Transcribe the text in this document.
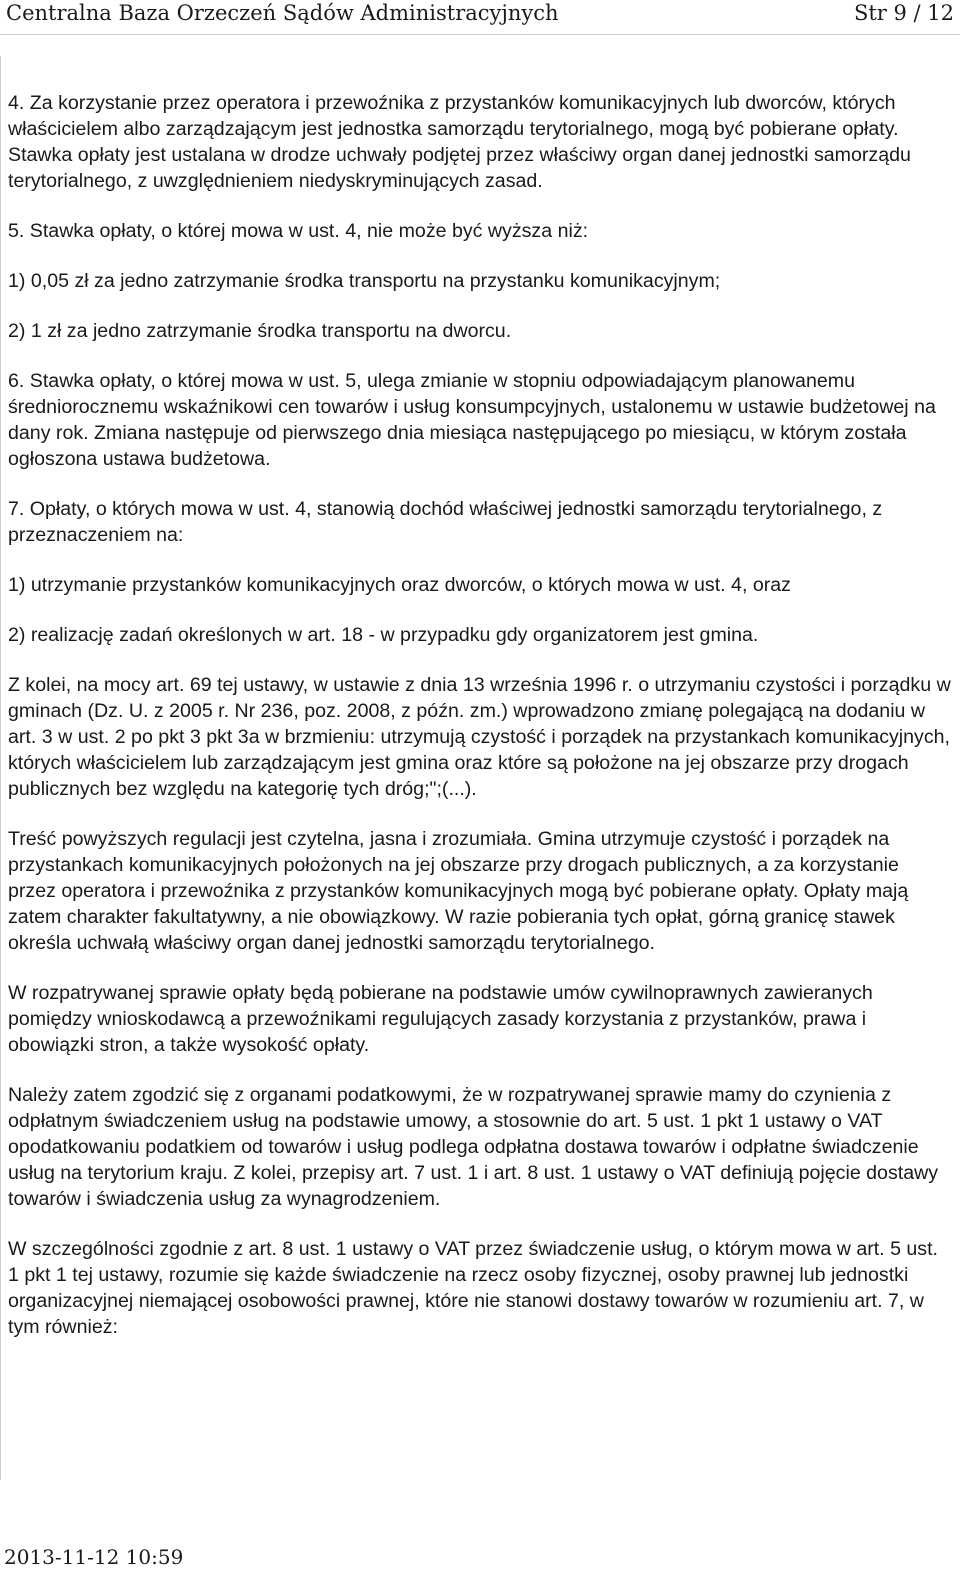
Centralna Baza Orzeczeń Sądów Administracyjnych	Str 9 / 12

4. Za korzystanie przez operatora i przewoźnika z przystanków komunikacyjnych lub dworców, których właścicielem albo zarządzającym jest jednostka samorządu terytorialnego, mogą być pobierane opłaty. Stawka opłaty jest ustalana w drodze uchwały podjętej przez właściwy organ danej jednostki samorządu terytorialnego, z uwzględnieniem niedyskryminujących zasad.

5. Stawka opłaty, o której mowa w ust. 4, nie może być wyższa niż:

1) 0,05 zł za jedno zatrzymanie środka transportu na przystanku komunikacyjnym;

2) 1 zł za jedno zatrzymanie środka transportu na dworcu.

6. Stawka opłaty, o której mowa w ust. 5, ulega zmianie w stopniu odpowiadającym planowanemu średniorocznemu wskaźnikowi cen towarów i usług konsumpcyjnych, ustalonemu w ustawie budżetowej na dany rok. Zmiana następuje od pierwszego dnia miesiąca następującego po miesiącu, w którym została ogłoszona ustawa budżetowa.

7. Opłaty, o których mowa w ust. 4, stanowią dochód właściwej jednostki samorządu terytorialnego, z przeznaczeniem na:

1) utrzymanie przystanków komunikacyjnych oraz dworców, o których mowa w ust. 4, oraz

2) realizację zadań określonych w art. 18 - w przypadku gdy organizatorem jest gmina.

Z kolei, na mocy art. 69 tej ustawy, w ustawie z dnia 13 września 1996 r. o utrzymaniu czystości i porządku w gminach (Dz. U. z 2005 r. Nr 236, poz. 2008, z późn. zm.) wprowadzono zmianę polegającą na dodaniu w art. 3 w ust. 2 po pkt 3 pkt 3a w brzmieniu: utrzymują czystość i porządek na przystankach komunikacyjnych, których właścicielem lub zarządzającym jest gmina oraz które są położone na jej obszarze przy drogach publicznych bez względu na kategorię tych dróg;";(...).

Treść powyższych regulacji jest czytelna, jasna i zrozumiała. Gmina utrzymuje czystość i porządek na przystankach komunikacyjnych położonych na jej obszarze przy drogach publicznych, a za korzystanie przez operatora i przewoźnika z przystanków komunikacyjnych mogą być pobierane opłaty. Opłaty mają zatem charakter fakultatywny, a nie obowiązkowy. W razie pobierania tych opłat, górną granicę stawek określa uchwałą właściwy organ danej jednostki samorządu terytorialnego.

W rozpatrywanej sprawie opłaty będą pobierane na podstawie umów cywilnoprawnych zawieranych pomiędzy wnioskodawcą a przewoźnikami regulujących zasady korzystania z przystanków, prawa i obowiązki stron, a także wysokość opłaty.

Należy zatem zgodzić się z organami podatkowymi, że w rozpatrywanej sprawie mamy do czynienia z odpłatnym świadczeniem usług na podstawie umowy, a stosownie do art. 5 ust. 1 pkt 1 ustawy o VAT opodatkowaniu podatkiem od towarów i usług podlega odpłatna dostawa towarów i odpłatne świadczenie usług na terytorium kraju. Z kolei, przepisy art. 7 ust. 1 i art. 8 ust. 1 ustawy o VAT definiują pojęcie dostawy towarów i świadczenia usług za wynagrodzeniem.

W szczególności zgodnie z art. 8 ust. 1 ustawy o VAT przez świadczenie usług, o którym mowa w art. 5 ust. 1 pkt 1 tej ustawy, rozumie się każde świadczenie na rzecz osoby fizycznej, osoby prawnej lub jednostki organizacyjnej niemającej osobowości prawnej, które nie stanowi dostawy towarów w rozumieniu art. 7, w tym również:

2013-11-12 10:59
